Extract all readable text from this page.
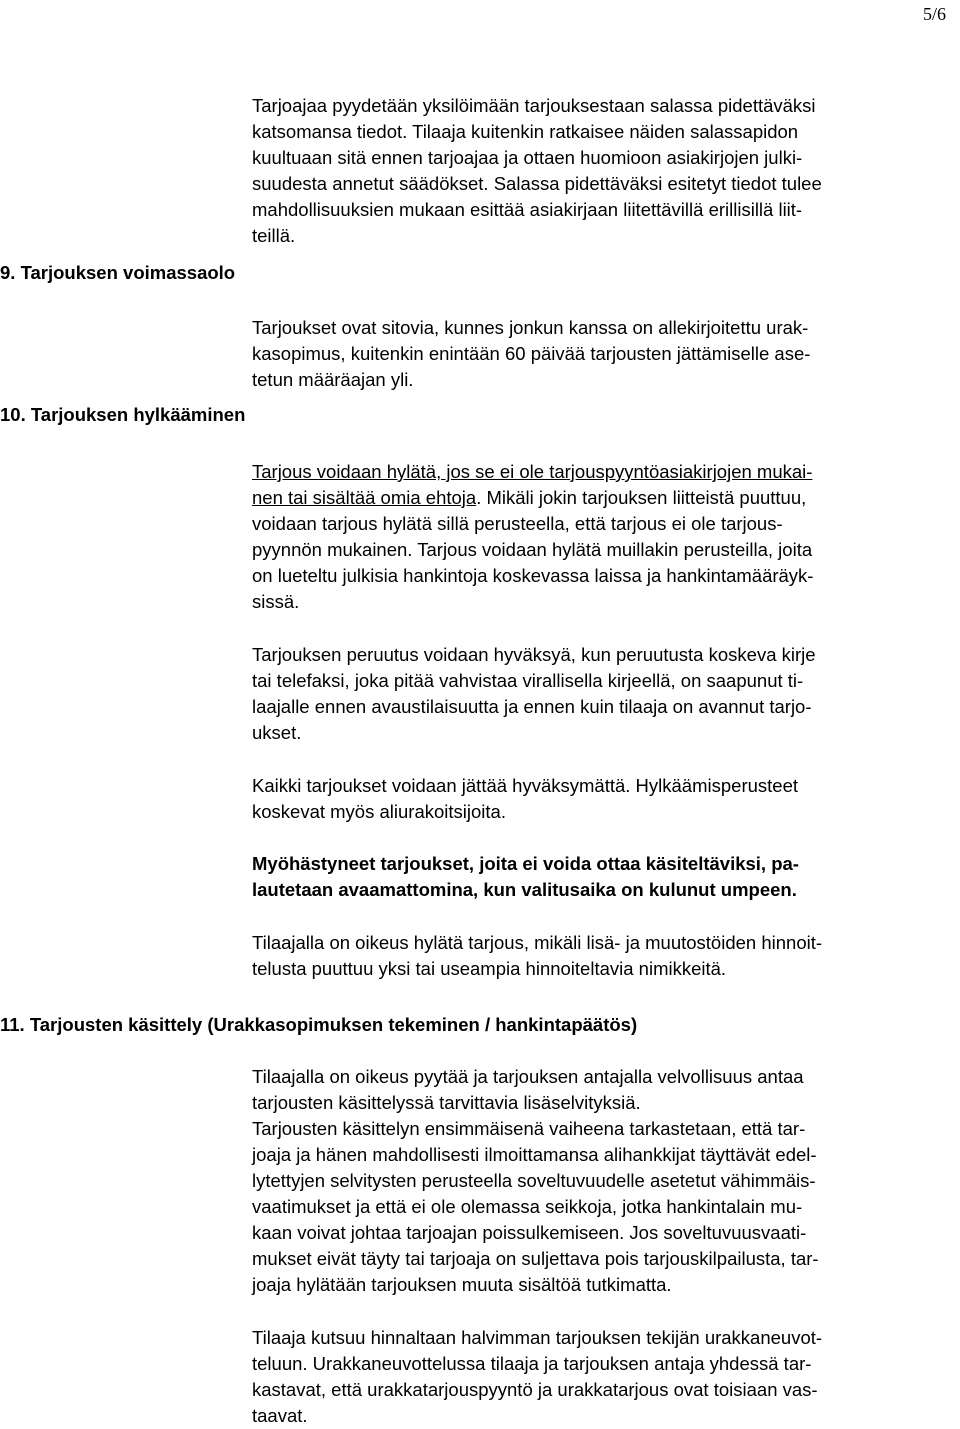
5/6
9. Tarjouksen voimassaolo
10. Tarjouksen hylkääminen
11. Tarjousten käsittely (Urakkasopimuksen tekeminen / hankintapäätös)
Tarjoajaa pyydetään yksilöimään tarjouksestaan salassa pidettäväksi
katsomansa tiedot. Tilaaja kuitenkin ratkaisee näiden salassapidon
kuultuaan sitä ennen tarjoajaa ja ottaen huomioon asiakirjojen julki-
suudesta annetut säädökset. Salassa pidettäväksi esitetyt tiedot tulee
mahdollisuuksien mukaan esittää asiakirjaan liitettävillä erillisillä liit-
teillä.
Tarjoukset ovat sitovia, kunnes jonkun kanssa on allekirjoitettu urak-
kasopimus, kuitenkin enintään 60 päivää tarjousten jättämiselle ase-
tetun määräajan yli.
Tarjous voidaan hylätä, jos se ei ole tarjouspyyntöasiakirjojen mukai-
nen tai sisältää omia ehtoja. Mikäli jokin tarjouksen liitteistä puuttuu,
voidaan tarjous hylätä sillä perusteella, että tarjous ei ole tarjous-
pyynnön mukainen. Tarjous voidaan hylätä muillakin perusteilla, joita
on lueteltu julkisia hankintoja koskevassa laissa ja hankintamääräyk-
sissä.
Tarjouksen peruutus voidaan hyväksyä, kun peruutusta koskeva kirje
tai telefaksi, joka pitää vahvistaa virallisella kirjeellä, on saapunut ti-
laajalle ennen avaustilaisuutta ja ennen kuin tilaaja on avannut tarjo-
ukset.
Kaikki tarjoukset voidaan jättää hyväksymättä. Hylkäämisperusteet
koskevat myös aliurakoitsijoita.
Myöhästyneet tarjoukset, joita ei voida ottaa käsiteltäviksi, pa-
lautetaan avaamattomina, kun valitusaika on kulunut umpeen.
Tilaajalla on oikeus hylätä tarjous, mikäli lisä- ja muutostöiden hinnoit-
telusta puuttuu yksi tai useampia hinnoiteltavia nimikkeitä.
Tilaajalla on oikeus pyytää ja tarjouksen antajalla velvollisuus antaa
tarjousten käsittelyssä tarvittavia lisäselvityksiä.
Tarjousten käsittelyn ensimmäisenä vaiheena tarkastetaan, että tar-
joaja ja hänen mahdollisesti ilmoittamansa alihankkijat täyttävät edel-
lytettyjen selvitysten perusteella soveltuvuudelle asetetut vähimmäis-
vaatimukset ja että ei ole olemassa seikkoja, jotka hankintalain mu-
kaan voivat johtaa tarjoajan poissulkemiseen. Jos soveltuvuusvaati-
mukset eivät täyty tai tarjoaja on suljettava pois tarjouskilpailusta, tar-
joaja hylätään tarjouksen muuta sisältöä tutkimatta.
Tilaaja kutsuu hinnaltaan halvimman tarjouksen tekijän urakkaneuvot-
teluun. Urakkaneuvottelussa tilaaja ja tarjouksen antaja yhdessä tar-
kastavat, että urakkatarjouspyyntö ja urakkatarjous ovat toisiaan vas-
taavat.
